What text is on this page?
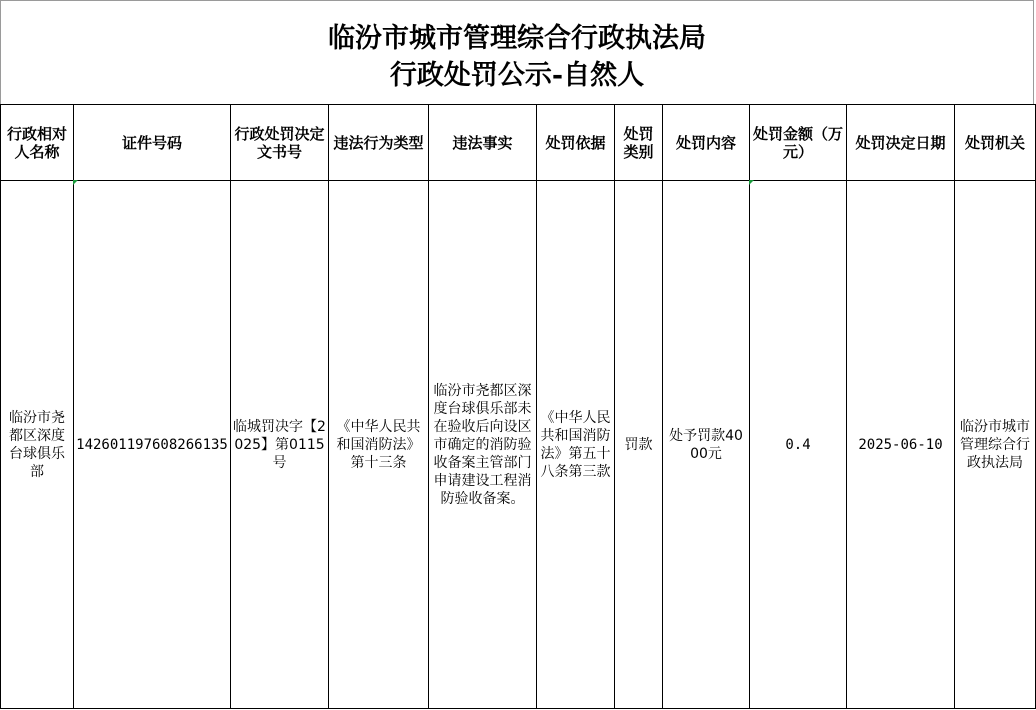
临汾市城市管理综合行政执法局
行政处罚公示-自然人
行政相对人名称	证件号码	行政处罚决定文书号	违法行为类型	违法事实	处罚依据	处罚类别	处罚内容	处罚金额（万元）	处罚决定日期	处罚机关
临汾市尧都区深度台球俱乐部	142601197608266135	临城罚决字【2025】第0115号	《中华人民共和国消防法》第十三条	临汾市尧都区深度台球俱乐部未在验收后向设区市确定的消防验收备案主管部门申请建设工程消防验收备案。	《中华人民共和国消防法》第五十八条第三款	罚款	处予罚款4000元	0.4	2025-06-10	临汾市城市管理综合行政执法局
